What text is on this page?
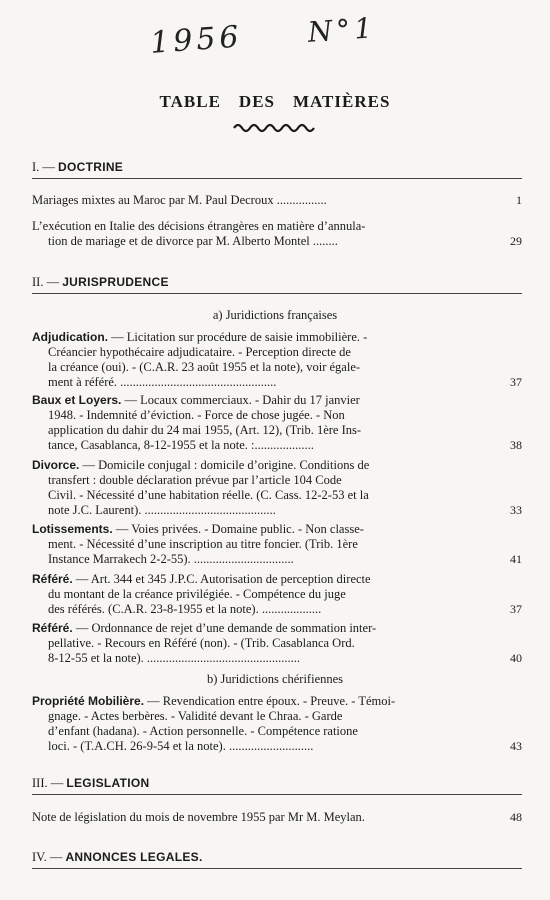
1956 N°1
TABLE DES MATIÈRES
I. — DOCTRINE
Mariages mixtes au Maroc par M. Paul Decroux ................	1
L’exécution en Italie des décisions étrangères en matière d’annula-
tion de mariage et de divorce par M. Alberto Montel ........	29
II. — JURISPRUDENCE
a) Juridictions françaises
Adjudication. — Licitation sur procédure de saisie immobilière. -
Créancier hypothécaire adjudicataire. - Perception directe de
la créance (oui). - (C.A.R. 23 août 1955 et la note), voir égale-
ment à référé. ..................................................	37
Baux et Loyers. — Locaux commerciaux. - Dahir du 17 janvier
1948. - Indemnité d’éviction. - Force de chose jugée. - Non
application du dahir du 24 mai 1955, (Art. 12), (Trib. 1ère Ins-
tance, Casablanca, 8-12-1955 et la note. :...................	38
Divorce. — Domicile conjugal : domicile d’origine. Conditions de
transfert : double déclaration prévue par l’article 104 Code
Civil. - Nécessité d’une habitation réelle. (C. Cass. 12-2-53 et la
note J.C. Laurent). ..........................................	33
Lotissements. — Voies privées. - Domaine public. - Non classe-
ment. - Nécessité d’une inscription au titre foncier. (Trib. 1ère
Instance Marrakech 2-2-55). ................................	41
Référé. — Art. 344 et 345 J.P.C. Autorisation de perception directe
du montant de la créance privilégiée. - Compétence du juge
des référés. (C.A.R. 23-8-1955 et la note). ...................	37
Référé. — Ordonnance de rejet d’une demande de sommation inter-
pellative. - Recours en Référé (non). - (Trib. Casablanca Ord.
8-12-55 et la note). .................................................	40
b) Juridictions chérifiennes
Propriété Mobilière. — Revendication entre époux. - Preuve. - Témoi-
gnage. - Actes berbères. - Validité devant le Chraa. - Garde
d’enfant (hadana). - Action personnelle. - Compétence ratione
loci. - (T.A.CH. 26-9-54 et la note). ...........................	43
III. — LEGISLATION
Note de législation du mois de novembre 1955 par Mr M. Meylan.	48
IV. — ANNONCES LEGALES.
